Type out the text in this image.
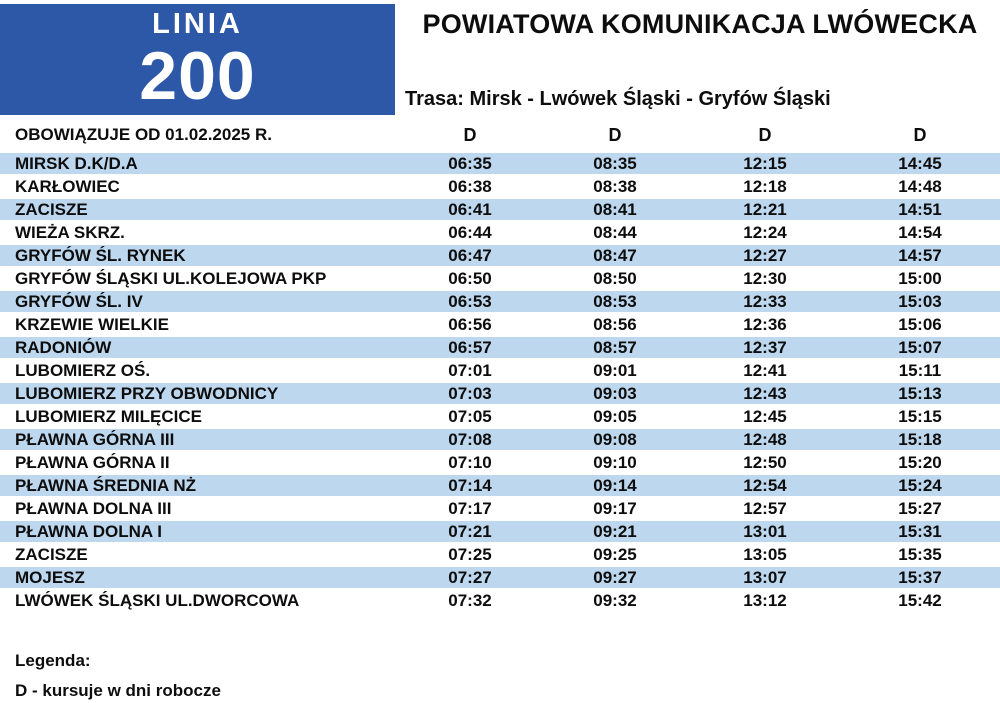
LINIA
200
POWIATOWA KOMUNIKACJA LWÓWECKA
Trasa: Mirsk - Lwówek Śląski - Gryfów Śląski
OBOWIĄZUJE OD 01.02.2025 R.	D	D	D	D
MIRSK D.K/D.A	06:35	08:35	12:15	14:45
KARŁOWIEC	06:38	08:38	12:18	14:48
ZACISZE	06:41	08:41	12:21	14:51
WIEŻA SKRZ.	06:44	08:44	12:24	14:54
GRYFÓW ŚL. RYNEK	06:47	08:47	12:27	14:57
GRYFÓW ŚLĄSKI UL.KOLEJOWA PKP	06:50	08:50	12:30	15:00
GRYFÓW ŚL. IV	06:53	08:53	12:33	15:03
KRZEWIE WIELKIE	06:56	08:56	12:36	15:06
RADONIÓW	06:57	08:57	12:37	15:07
LUBOMIERZ OŚ.	07:01	09:01	12:41	15:11
LUBOMIERZ PRZY OBWODNICY	07:03	09:03	12:43	15:13
LUBOMIERZ MILĘCICE	07:05	09:05	12:45	15:15
PŁAWNA GÓRNA III	07:08	09:08	12:48	15:18
PŁAWNA GÓRNA II	07:10	09:10	12:50	15:20
PŁAWNA ŚREDNIA NŻ	07:14	09:14	12:54	15:24
PŁAWNA DOLNA III	07:17	09:17	12:57	15:27
PŁAWNA DOLNA I	07:21	09:21	13:01	15:31
ZACISZE	07:25	09:25	13:05	15:35
MOJESZ	07:27	09:27	13:07	15:37
LWÓWEK ŚLĄSKI UL.DWORCOWA	07:32	09:32	13:12	15:42
Legenda:
D - kursuje w dni robocze
